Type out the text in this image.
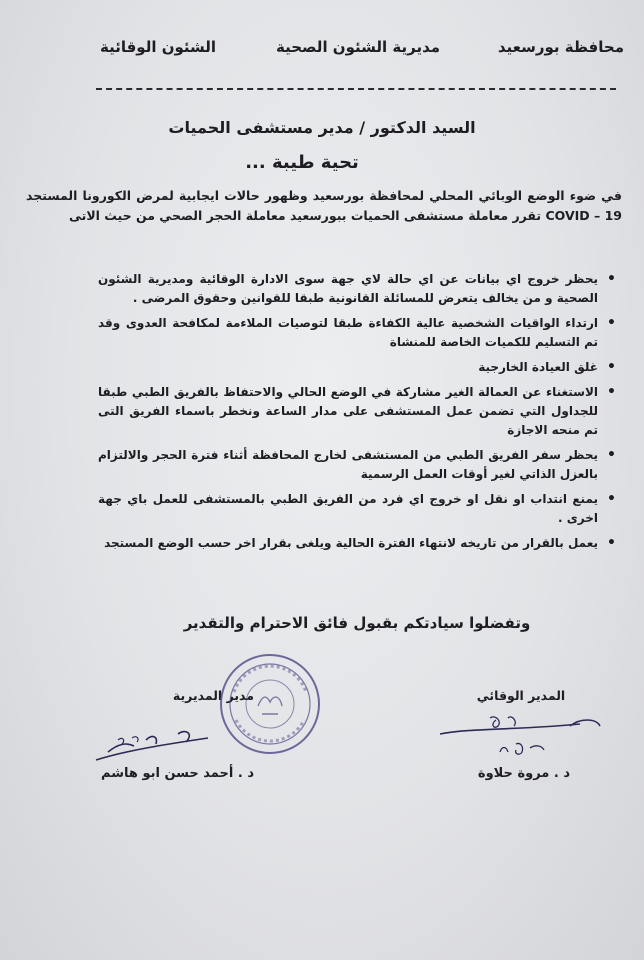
محافظة بورسعيد
مديرية الشئون الصحية
الشئون الوقائية
السيد الدكتور / مدير مستشفى الحميات
تحية طيبة ...
في ضوء الوضع الوبائي المحلي لمحافظة بورسعيد وظهور حالات ايجابية لمرض الكورونا المستجد COVID – 19 تقرر معاملة مستشفى الحميات ببورسعيد معاملة الحجر الصحي من حيث الاتى
• يحظر خروج اي بيانات عن اي حالة لاي جهة سوى الادارة الوقائية ومديرية الشئون الصحية و من يخالف يتعرض للمسائلة القانونية طبقا للقوانين وحقوق المرضى .
• ارتداء الواقيات الشخصية عالية الكفاءة طبقا لتوصيات الملاءمة لمكافحة العدوى وقد تم التسليم للكميات الخاصة للمنشاة
• غلق العيادة الخارجية
• الاستغناء عن العمالة الغير مشاركة في الوضع الحالي والاحتفاظ بالفريق الطبي طبقا للجداول التي تضمن عمل المستشفى على مدار الساعة ونخطر باسماء الفريق التى تم منحه الاجازة
• يحظر سفر الفريق الطبي من المستشفى لخارج المحافظة أثناء فترة الحجر والالتزام بالعزل الذاتي لغير أوقات العمل الرسمية
• يمنع انتداب او نقل او خروج اي فرد من الفريق الطبي بالمستشفى للعمل باي جهة اخرى .
• يعمل بالقرار من تاريخه لانتهاء الفترة الحالية ويلغى بقرار اخر حسب الوضع المستجد
وتفضلوا سيادتكم بقبول فائق الاحترام والتقدير
المدير الوقائي
د . مروة حلاوة
مدير المديرية
د . أحمد حسن ابو هاشم
